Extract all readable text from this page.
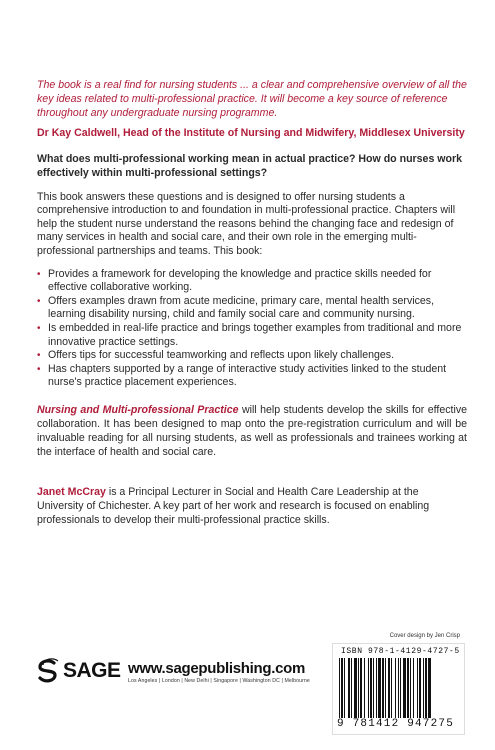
The book is a real find for nursing students ... a clear and comprehensive overview of all the key ideas related to multi-professional practice. It will become a key source of reference throughout any undergraduate nursing programme.

Dr Kay Caldwell, Head of the Institute of Nursing and Midwifery, Middlesex University

What does multi-professional working mean in actual practice? How do nurses work effectively within multi-professional settings?

This book answers these questions and is designed to offer nursing students a comprehensive introduction to and foundation in multi-professional practice. Chapters will help the student nurse understand the reasons behind the changing face and redesign of many services in health and social care, and their own role in the emerging multi-professional partnerships and teams. This book:

• Provides a framework for developing the knowledge and practice skills needed for effective collaborative working.
• Offers examples drawn from acute medicine, primary care, mental health services, learning disability nursing, child and family social care and community nursing.
• Is embedded in real-life practice and brings together examples from traditional and more innovative practice settings.
• Offers tips for successful teamworking and reflects upon likely challenges.
• Has chapters supported by a range of interactive study activities linked to the student nurse's practice placement experiences.

Nursing and Multi-professional Practice will help students develop the skills for effective collaboration. It has been designed to map onto the pre-registration curriculum and will be invaluable reading for all nursing students, as well as professionals and trainees working at the interface of health and social care.

Janet McCray is a Principal Lecturer in Social and Health Care Leadership at the University of Chichester. A key part of her work and research is focused on enabling professionals to develop their multi-professional practice skills.

Cover design by Jen Crisp
SAGE www.sagepublishing.com
Los Angeles | London | New Delhi | Singapore | Washington DC | Melbourne
ISBN 978-1-4129-4727-5
9 781412 947275
